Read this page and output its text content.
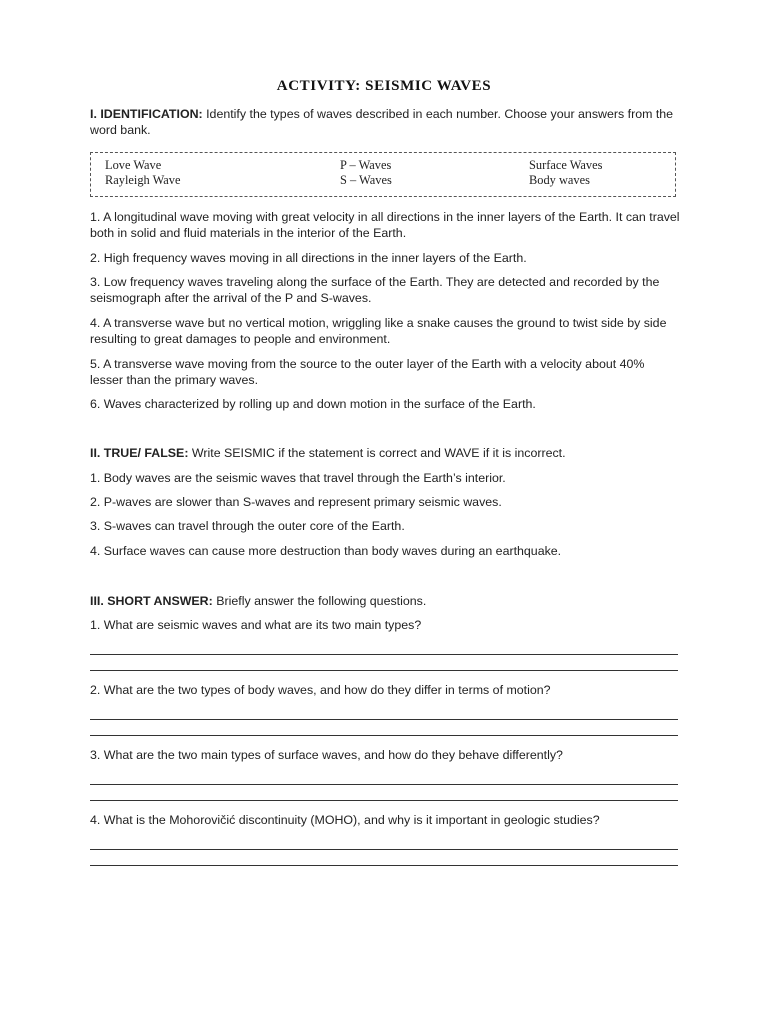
ACTIVITY: SEISMIC WAVES
I. IDENTIFICATION: Identify the types of waves described in each number. Choose your answers from the word bank.
Love Wave	P – Waves	Surface Waves
Rayleigh Wave	S – Waves	Body waves
1. A longitudinal wave moving with great velocity in all directions in the inner layers of the Earth. It can travel both in solid and fluid materials in the interior of the Earth.
2. High frequency waves moving in all directions in the inner layers of the Earth.
3. Low frequency waves traveling along the surface of the Earth. They are detected and recorded by the seismograph after the arrival of the P and S-waves.
4. A transverse wave but no vertical motion, wriggling like a snake causes the ground to twist side by side resulting to great damages to people and environment.
5. A transverse wave moving from the source to the outer layer of the Earth with a velocity about 40% lesser than the primary waves.
6. Waves characterized by rolling up and down motion in the surface of the Earth.
II. TRUE/ FALSE: Write SEISMIC if the statement is correct and WAVE if it is incorrect.
1. Body waves are the seismic waves that travel through the Earth’s interior.
2. P-waves are slower than S-waves and represent primary seismic waves.
3. S-waves can travel through the outer core of the Earth.
4. Surface waves can cause more destruction than body waves during an earthquake.
III. SHORT ANSWER: Briefly answer the following questions.
1. What are seismic waves and what are its two main types?
2. What are the two types of body waves, and how do they differ in terms of motion?
3. What are the two main types of surface waves, and how do they behave differently?
4. What is the Mohorovičić discontinuity (MOHO), and why is it important in geologic studies?
